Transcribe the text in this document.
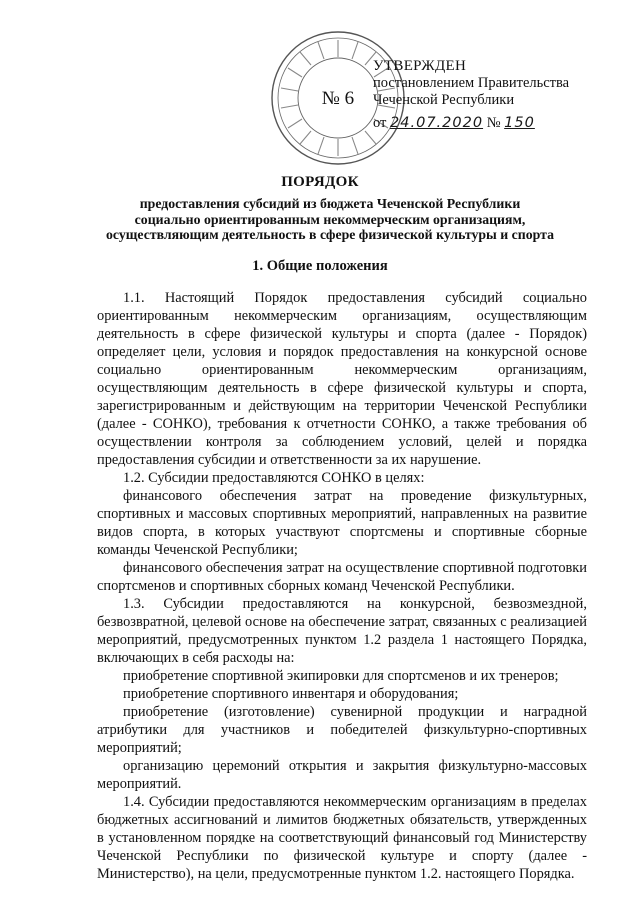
№ 6
УТВЕРЖДЕН
постановлением Правительства
Чеченской Республики
от 24.07.2020 № 150
ПОРЯДОК
предоставления субсидий из бюджета Чеченской Республики
социально ориентированным некоммерческим организациям,
осуществляющим деятельность в сфере физической культуры и спорта
1. Общие положения

1.1. Настоящий Порядок предоставления субсидий социально ориентированным некоммерческим организациям, осуществляющим деятельность в сфере физической культуры и спорта (далее - Порядок) определяет цели, условия и порядок предоставления на конкурсной основе социально ориентированным некоммерческим организациям, осуществляющим деятельность в сфере физической культуры и спорта, зарегистрированным и действующим на территории Чеченской Республики (далее - СОНКО), требования к отчетности СОНКО, а также требования об осуществлении контроля за соблюдением условий, целей и порядка предоставления субсидии и ответственности за их нарушение.

1.2. Субсидии предоставляются СОНКО в целях:

финансового обеспечения затрат на проведение физкультурных, спортивных и массовых спортивных мероприятий, направленных на развитие видов спорта, в которых участвуют спортсмены и спортивные сборные команды Чеченской Республики;

финансового обеспечения затрат на осуществление спортивной подготовки спортсменов и спортивных сборных команд Чеченской Республики.

1.3. Субсидии предоставляются на конкурсной, безвозмездной, безвозвратной, целевой основе на обеспечение затрат, связанных с реализацией мероприятий, предусмотренных пунктом 1.2 раздела 1 настоящего Порядка, включающих в себя расходы на:

приобретение спортивной экипировки для спортсменов и их тренеров;

приобретение спортивного инвентаря и оборудования;

приобретение (изготовление) сувенирной продукции и наградной атрибутики для участников и победителей физкультурно-спортивных мероприятий;

организацию церемоний открытия и закрытия физкультурно-массовых мероприятий.

1.4. Субсидии предоставляются некоммерческим организациям в пределах бюджетных ассигнований и лимитов бюджетных обязательств, утвержденных в установленном порядке на соответствующий финансовый год Министерству Чеченской Республики по физической культуре и спорту (далее - Министерство), на цели, предусмотренные пунктом 1.2. настоящего Порядка.
